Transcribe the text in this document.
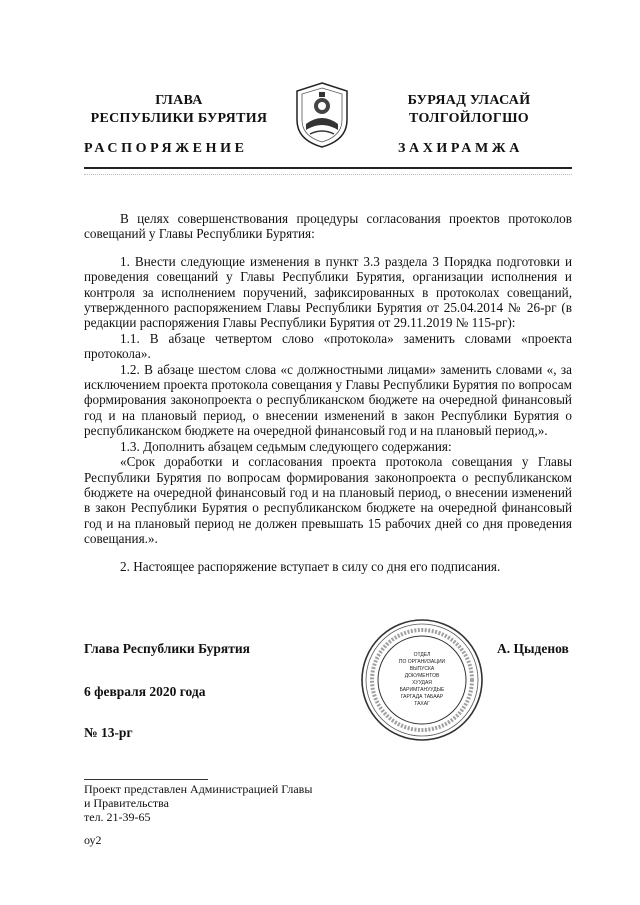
ГЛАВА
РЕСПУБЛИКИ БУРЯТИЯ
БУРЯАД УЛАСАЙ
ТОЛГОЙЛОГШО
РАСПОРЯЖЕНИЕ	ЗАХИРАМЖА

В целях совершенствования процедуры согласования проектов протоколов совещаний у Главы Республики Бурятия:

1. Внести следующие изменения в пункт 3.3 раздела 3 Порядка подготовки и проведения совещаний у Главы Республики Бурятия, организации исполнения и контроля за исполнением поручений, зафиксированных в протоколах совещаний, утвержденного распоряжением Главы Республики Бурятия от 25.04.2014 № 26-рг (в редакции распоряжения Главы Республики Бурятия от 29.11.2019 № 115-рг):

1.1. В абзаце четвертом слово «протокола» заменить словами «проекта протокола».

1.2. В абзаце шестом слова «с должностными лицами» заменить словами «, за исключением проекта протокола совещания у Главы Республики Бурятия по вопросам формирования законопроекта о республиканском бюджете на очередной финансовый год и на плановый период, о внесении изменений в закон Республики Бурятия о республиканском бюджете на очередной финансовый год и на плановый период,».

1.3. Дополнить абзацем седьмым следующего содержания:

«Срок доработки и согласования проекта протокола совещания у Главы Республики Бурятия по вопросам формирования законопроекта о республиканском бюджете на очередной финансовый год и на плановый период, о внесении изменений в закон Республики Бурятия о республиканском бюджете на очередной финансовый год и на плановый период не должен превышать 15 рабочих дней со дня проведения совещания.».

2. Настоящее распоряжение вступает в силу со дня его подписания.

ОТДЕЛ
ПО ОРГАНИЗАЦИИ
ВЫПУСКА
ДОКУМЕНТОВ
ХУУДАЯ
БАРИМТАНУУДЫЕ
ГАРГАДА ТАБААР
ТАХАГ
Глава Республики Бурятия	А. Цыденов
6 февраля 2020 года
№ 13-рг
Проект представлен Администрацией Главы
и Правительства
тел. 21-39-65
оу2
